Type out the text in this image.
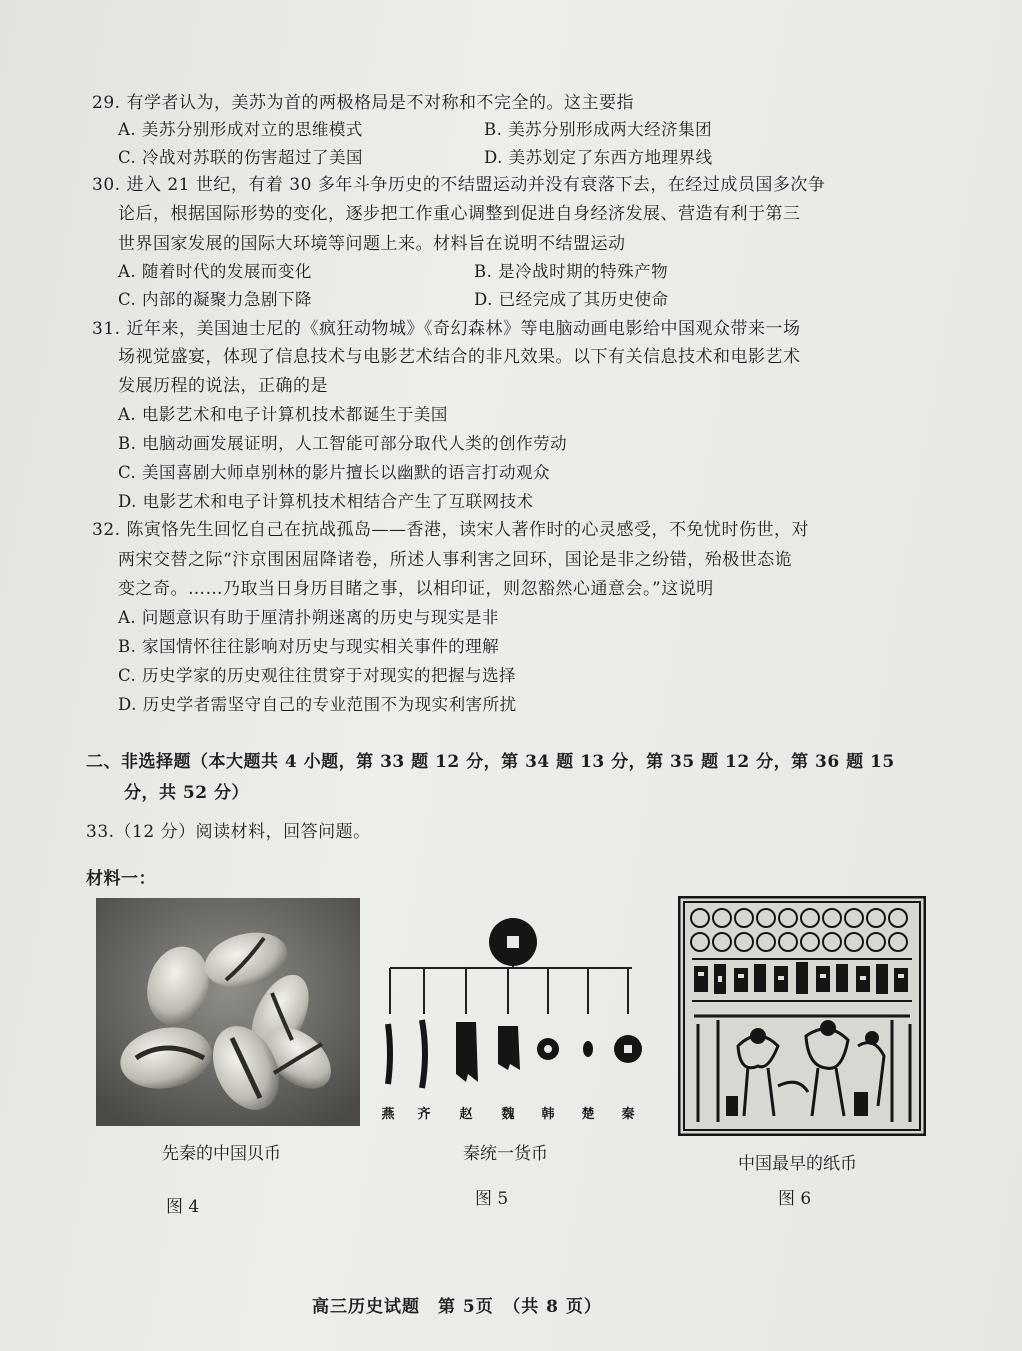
29. 有学者认为，美苏为首的两极格局是不对称和不完全的。这主要指
A. 美苏分别形成对立的思维模式	B. 美苏分别形成两大经济集团
C. 冷战对苏联的伤害超过了美国	D. 美苏划定了东西方地理界线
30. 进入 21 世纪，有着 30 多年斗争历史的不结盟运动并没有衰落下去，在经过成员国多次争
论后，根据国际形势的变化，逐步把工作重心调整到促进自身经济发展、营造有利于第三
世界国家发展的国际大环境等问题上来。材料旨在说明不结盟运动
A. 随着时代的发展而变化	B. 是冷战时期的特殊产物
C. 内部的凝聚力急剧下降	D. 已经完成了其历史使命
31. 近年来，美国迪士尼的《疯狂动物城》《奇幻森林》等电脑动画电影给中国观众带来一场
场视觉盛宴，体现了信息技术与电影艺术结合的非凡效果。以下有关信息技术和电影艺术
发展历程的说法，正确的是
A. 电影艺术和电子计算机技术都诞生于美国
B. 电脑动画发展证明，人工智能可部分取代人类的创作劳动
C. 美国喜剧大师卓别林的影片擅长以幽默的语言打动观众
D. 电影艺术和电子计算机技术相结合产生了互联网技术
32. 陈寅恪先生回忆自己在抗战孤岛——香港，读宋人著作时的心灵感受，不免忧时伤世，对
两宋交替之际“汴京围困屈降诸卷，所述人事利害之回环，国论是非之纷错，殆极世态诡
变之奇。……乃取当日身历目睹之事，以相印证，则忽豁然心通意会。”这说明
A. 问题意识有助于厘清扑朔迷离的历史与现实是非
B. 家国情怀往往影响对历史与现实相关事件的理解
C. 历史学家的历史观往往贯穿于对现实的把握与选择
D. 历史学者需坚守自己的专业范围不为现实利害所扰
二、非选择题（本大题共 4 小题，第 33 题 12 分，第 34 题 13 分，第 35 题 12 分，第 36 题 15
分，共 52 分）
33.（12 分）阅读材料，回答问题。
材料一：
先秦的中国贝币
图 4
燕 齐 赵 魏 韩 楚 秦
秦统一货币
图 5
中国最早的纸币
图 6
高三历史试题　第 5页　（共 8 页）
